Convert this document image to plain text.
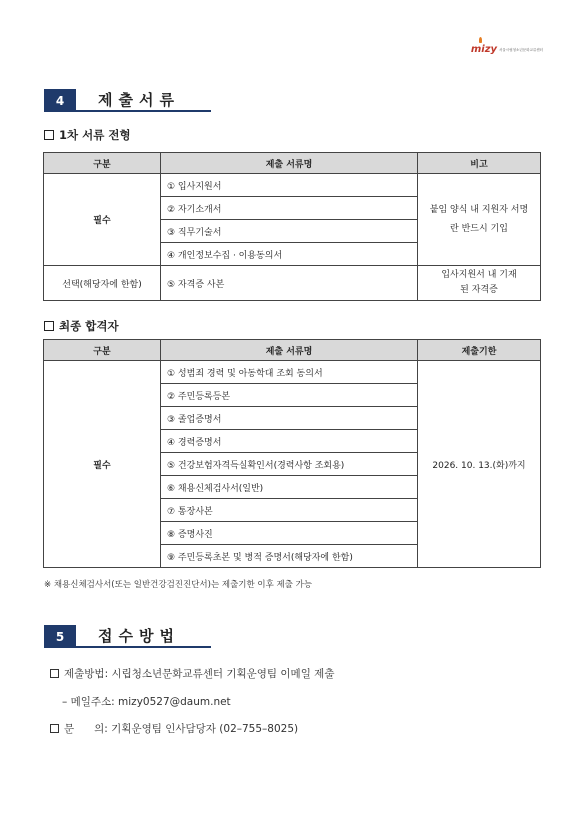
mizy 서울시립청소년문화교류센터
4	제출서류
1차 서류 전형
구분	제출 서류명	비고
필수	① 입사지원서	붙임 양식 내 지원자 서명란 반드시 기입
	② 자기소개서	
	③ 직무기술서	
	④ 개인정보수집 · 이용동의서	
선택(해당자에 한함)	⑤ 자격증 사본	입사지원서 내 기재된 자격증
최종 합격자
구분	제출 서류명	제출기한
필수	① 성범죄 경력 및 아동학대 조회 동의서	2026. 10. 13.(화)까지
	② 주민등록등본	
	③ 졸업증명서	
	④ 경력증명서	
	⑤ 건강보험자격득실확인서(경력사항 조회용)	
	⑥ 채용신체검사서(일반)	
	⑦ 통장사본	
	⑧ 증명사진	
	⑨ 주민등록초본 및 병적 증명서(해당자에 한함)	
※ 채용신체검사서(또는 일반건강검진진단서)는 제출기한 이후 제출 가능
5	접수방법
제출방법: 시립청소년문화교류센터 기획운영팀 이메일 제출
– 메일주소: mizy0527@daum.net
문      의: 기획운영팀 인사담당자 (02–755–8025)
